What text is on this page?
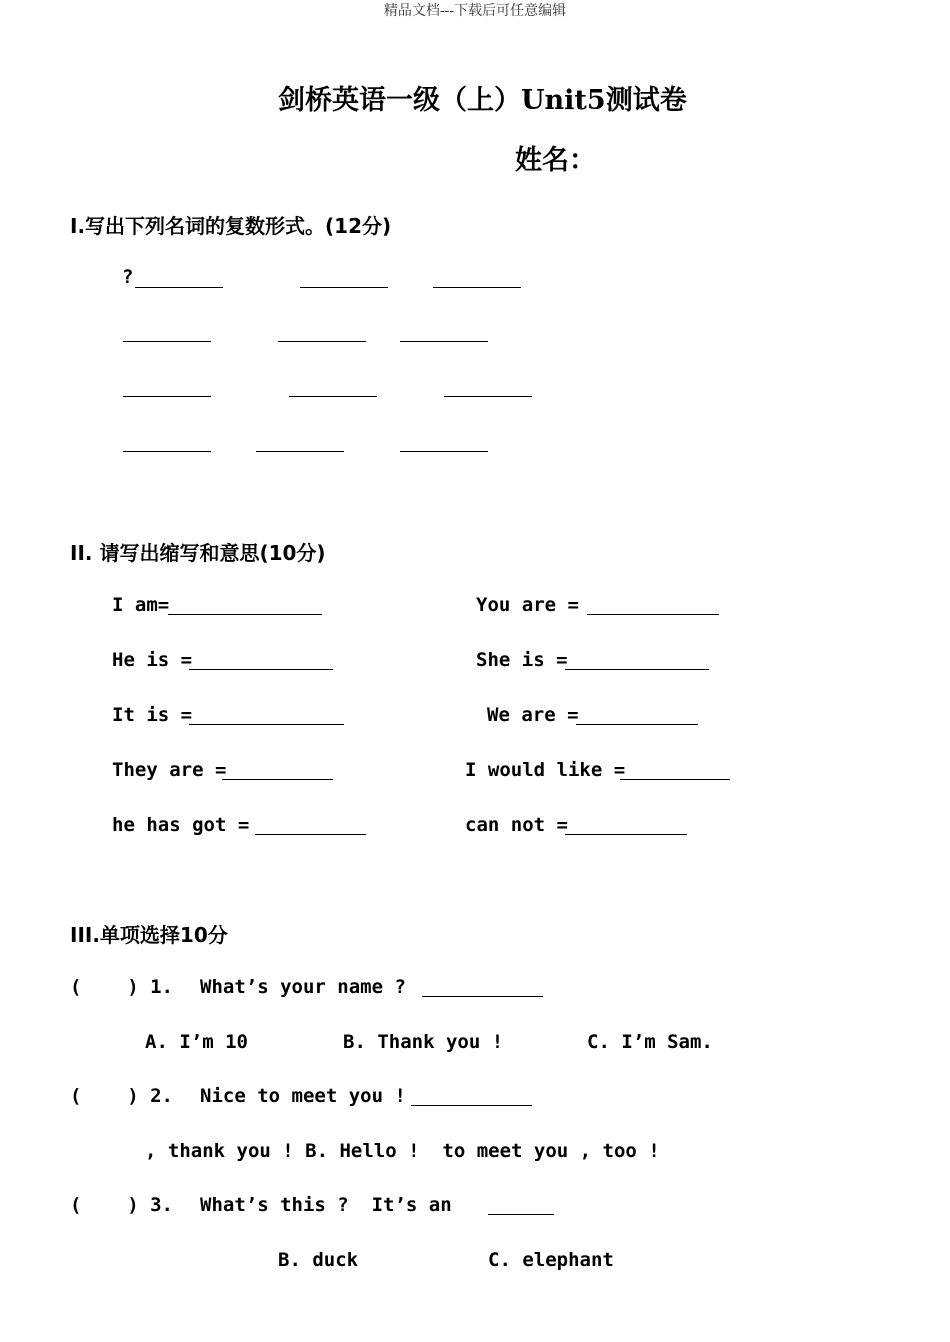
精品文档---下载后可任意编辑
剑桥英语一级（上）Unit5测试卷
姓名：
I.写出下列名词的复数形式。(12分)
?
II. 请写出缩写和意思(10分)
I am=	You are =
He is =	She is =
It is =	We are =
They are =	I would like =
he has got =	can not =
III.单项选择10分
(    ) 1. What’s your name ?
A. I’m 10	B. Thank you !	C. I’m Sam.
(    ) 2. Nice to meet you !
, thank you ! B. Hello !  to meet you , too !
(    ) 3. What’s this ?  It’s an
B. duck	C. elephant
